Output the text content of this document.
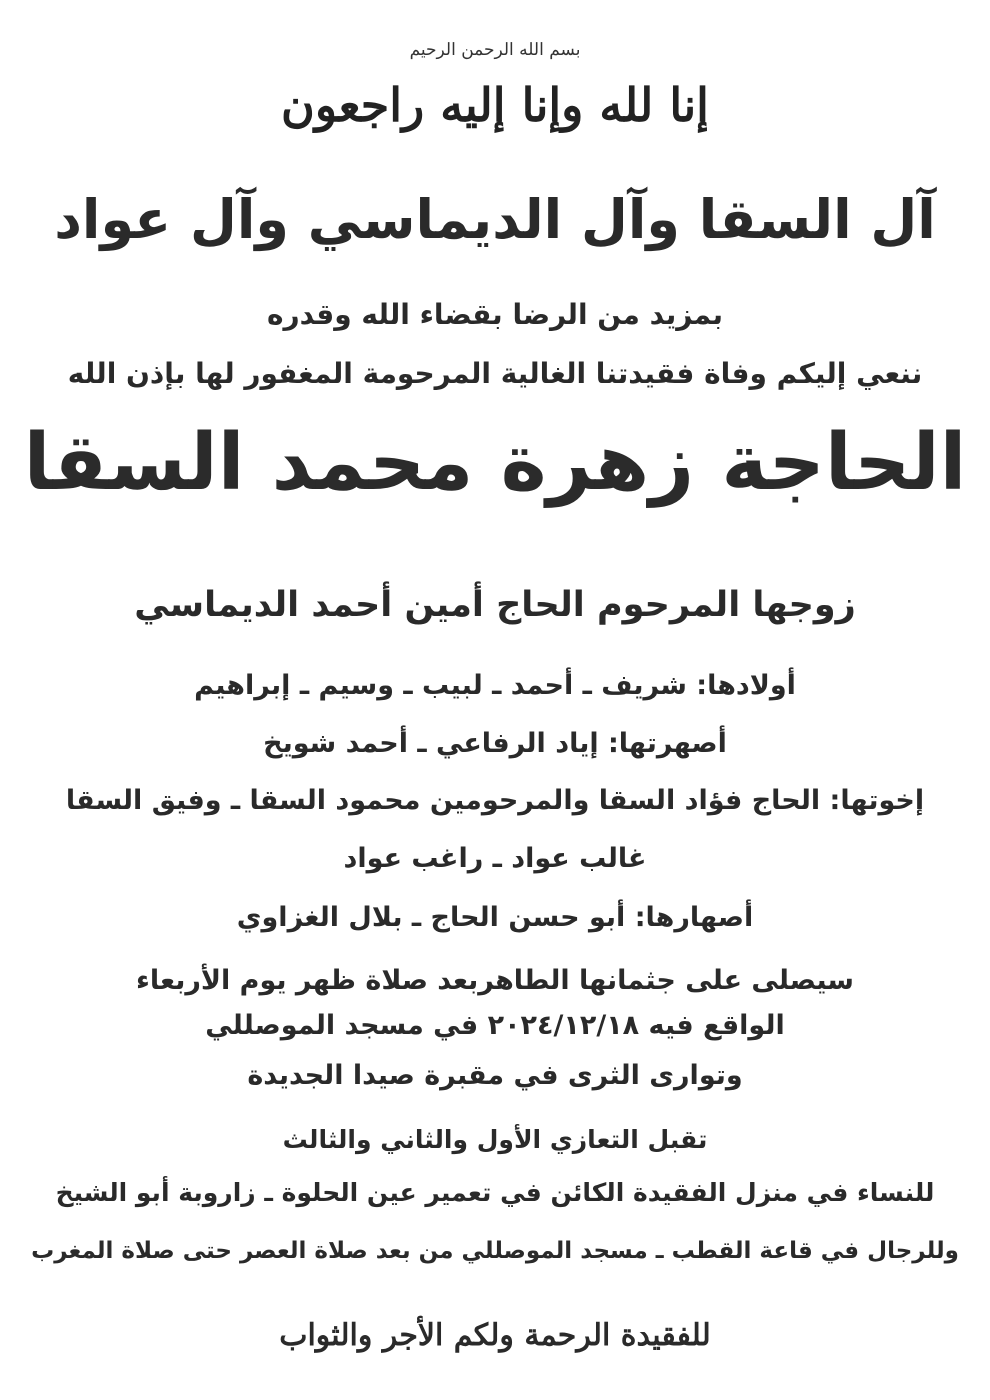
بسم الله الرحمن الرحيم
إنا لله وإنا إليه راجعون
آل السقا وآل الديماسي وآل عواد
بمزيد من الرضا بقضاء الله وقدره
ننعي إليكم وفاة فقيدتنا الغالية المرحومة المغفور لها بإذن الله
الحاجة زهرة محمد السقا
زوجها المرحوم الحاج أمين أحمد الديماسي
أولادها: شريف ـ أحمد ـ لبيب ـ وسيم ـ إبراهيم
أصهرتها: إياد الرفاعي ـ أحمد شويخ
إخوتها: الحاج فؤاد السقا والمرحومين محمود السقا ـ وفيق السقا
غالب عواد ـ راغب عواد
أصهارها: أبو حسن الحاج ـ بلال الغزاوي
سيصلى على جثمانها الطاهربعد صلاة ظهر يوم الأربعاء
الواقع فيه ٢٠٢٤/١٢/١٨ في مسجد الموصللي
وتوارى الثرى في مقبرة صيدا الجديدة
تقبل التعازي الأول والثاني والثالث
للنساء في منزل الفقيدة الكائن في تعمير عين الحلوة ـ زاروبة أبو الشيخ
وللرجال في قاعة القطب ـ مسجد الموصللي من بعد صلاة العصر حتى صلاة المغرب
للفقيدة الرحمة ولكم الأجر والثواب
